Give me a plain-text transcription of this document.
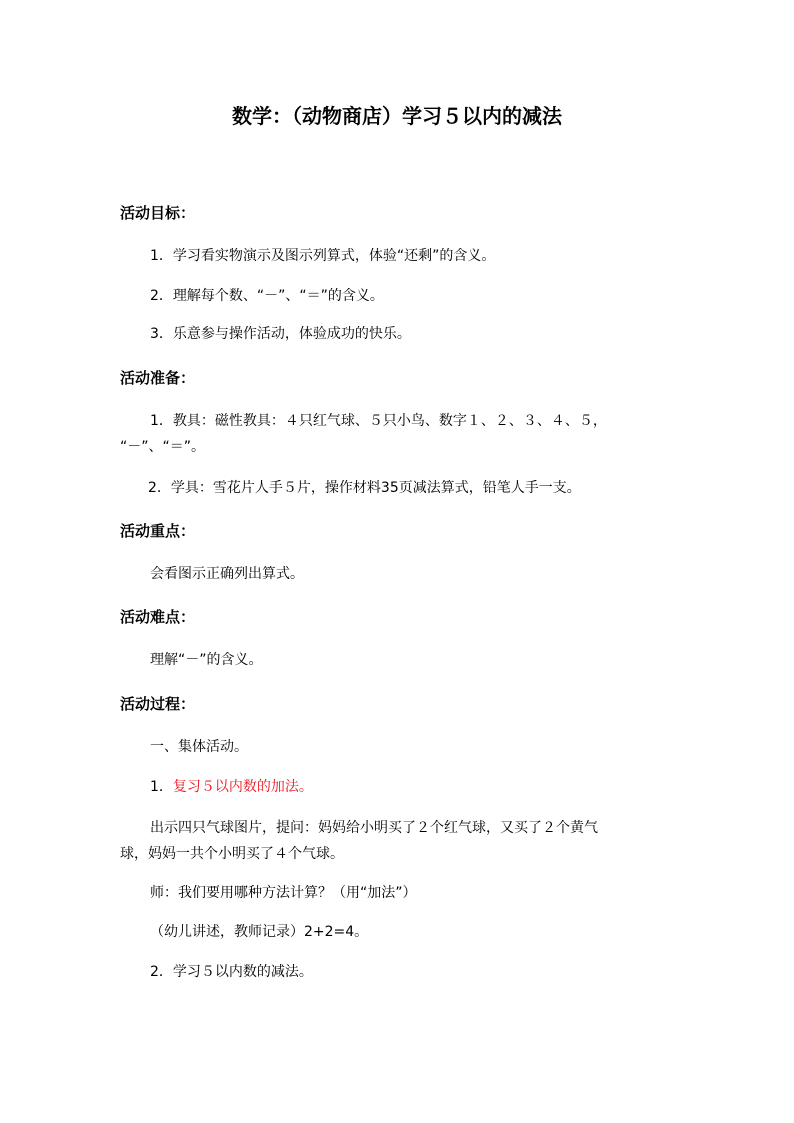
数学：（动物商店）学习５以内的减法

活动目标：

1．学习看实物演示及图示列算式，体验“还剩”的含义。

2．理解每个数、“－”、“＝”的含义。

3．乐意参与操作活动，体验成功的快乐。

活动准备：

1．教具：磁性教具：４只红气球、５只小鸟、数字１、２、３、４、５，

“－”、“＝”。

2．学具：雪花片人手５片，操作材料35页减法算式，铅笔人手一支。

活动重点：

会看图示正确列出算式。

活动难点：

理解“－”的含义。

活动过程：

一、集体活动。

1．复习５以内数的加法。

出示四只气球图片，提问：妈妈给小明买了２个红气球，又买了２个黄气

球，妈妈一共个小明买了４个气球。

师：我们要用哪种方法计算？（用“加法”）

（幼儿讲述，教师记录）2+2=4。

2．学习５以内数的减法。
